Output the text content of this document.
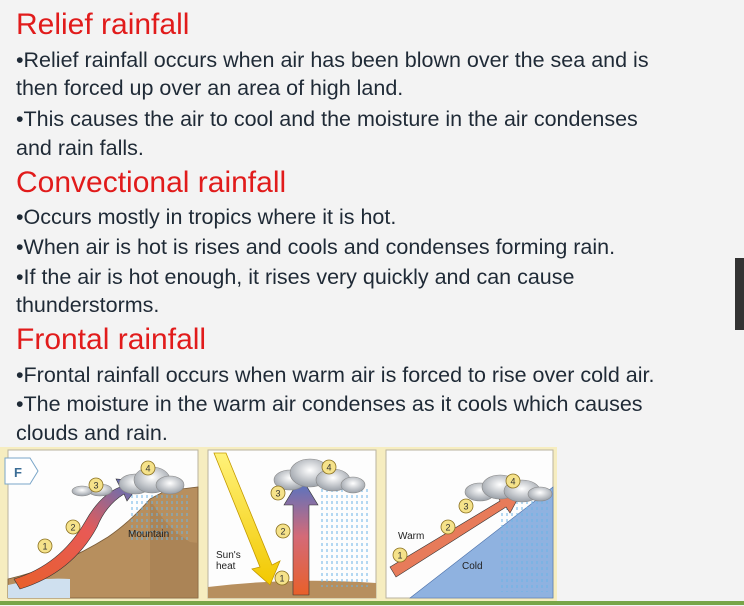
Relief rainfall

•Relief rainfall occurs when air has been blown over the sea and is

then forced up over an area of high land.

•This causes the air to cool and the moisture in the air condenses

and rain falls.

Convectional rainfall

•Occurs mostly in tropics where it is hot.

•When air is hot is rises and cools and condenses forming rain.

•If the air is hot enough, it rises very quickly and can cause

thunderstorms.

Frontal rainfall

•Frontal rainfall occurs when warm air is forced to rise over cold air.

•The moisture in the warm air condenses as it cools which causes

clouds and rain.

1
2
3
4
Mountain
1
2
3
4
Sun's
heat
1
2
3
4
Warm
Cold
F
